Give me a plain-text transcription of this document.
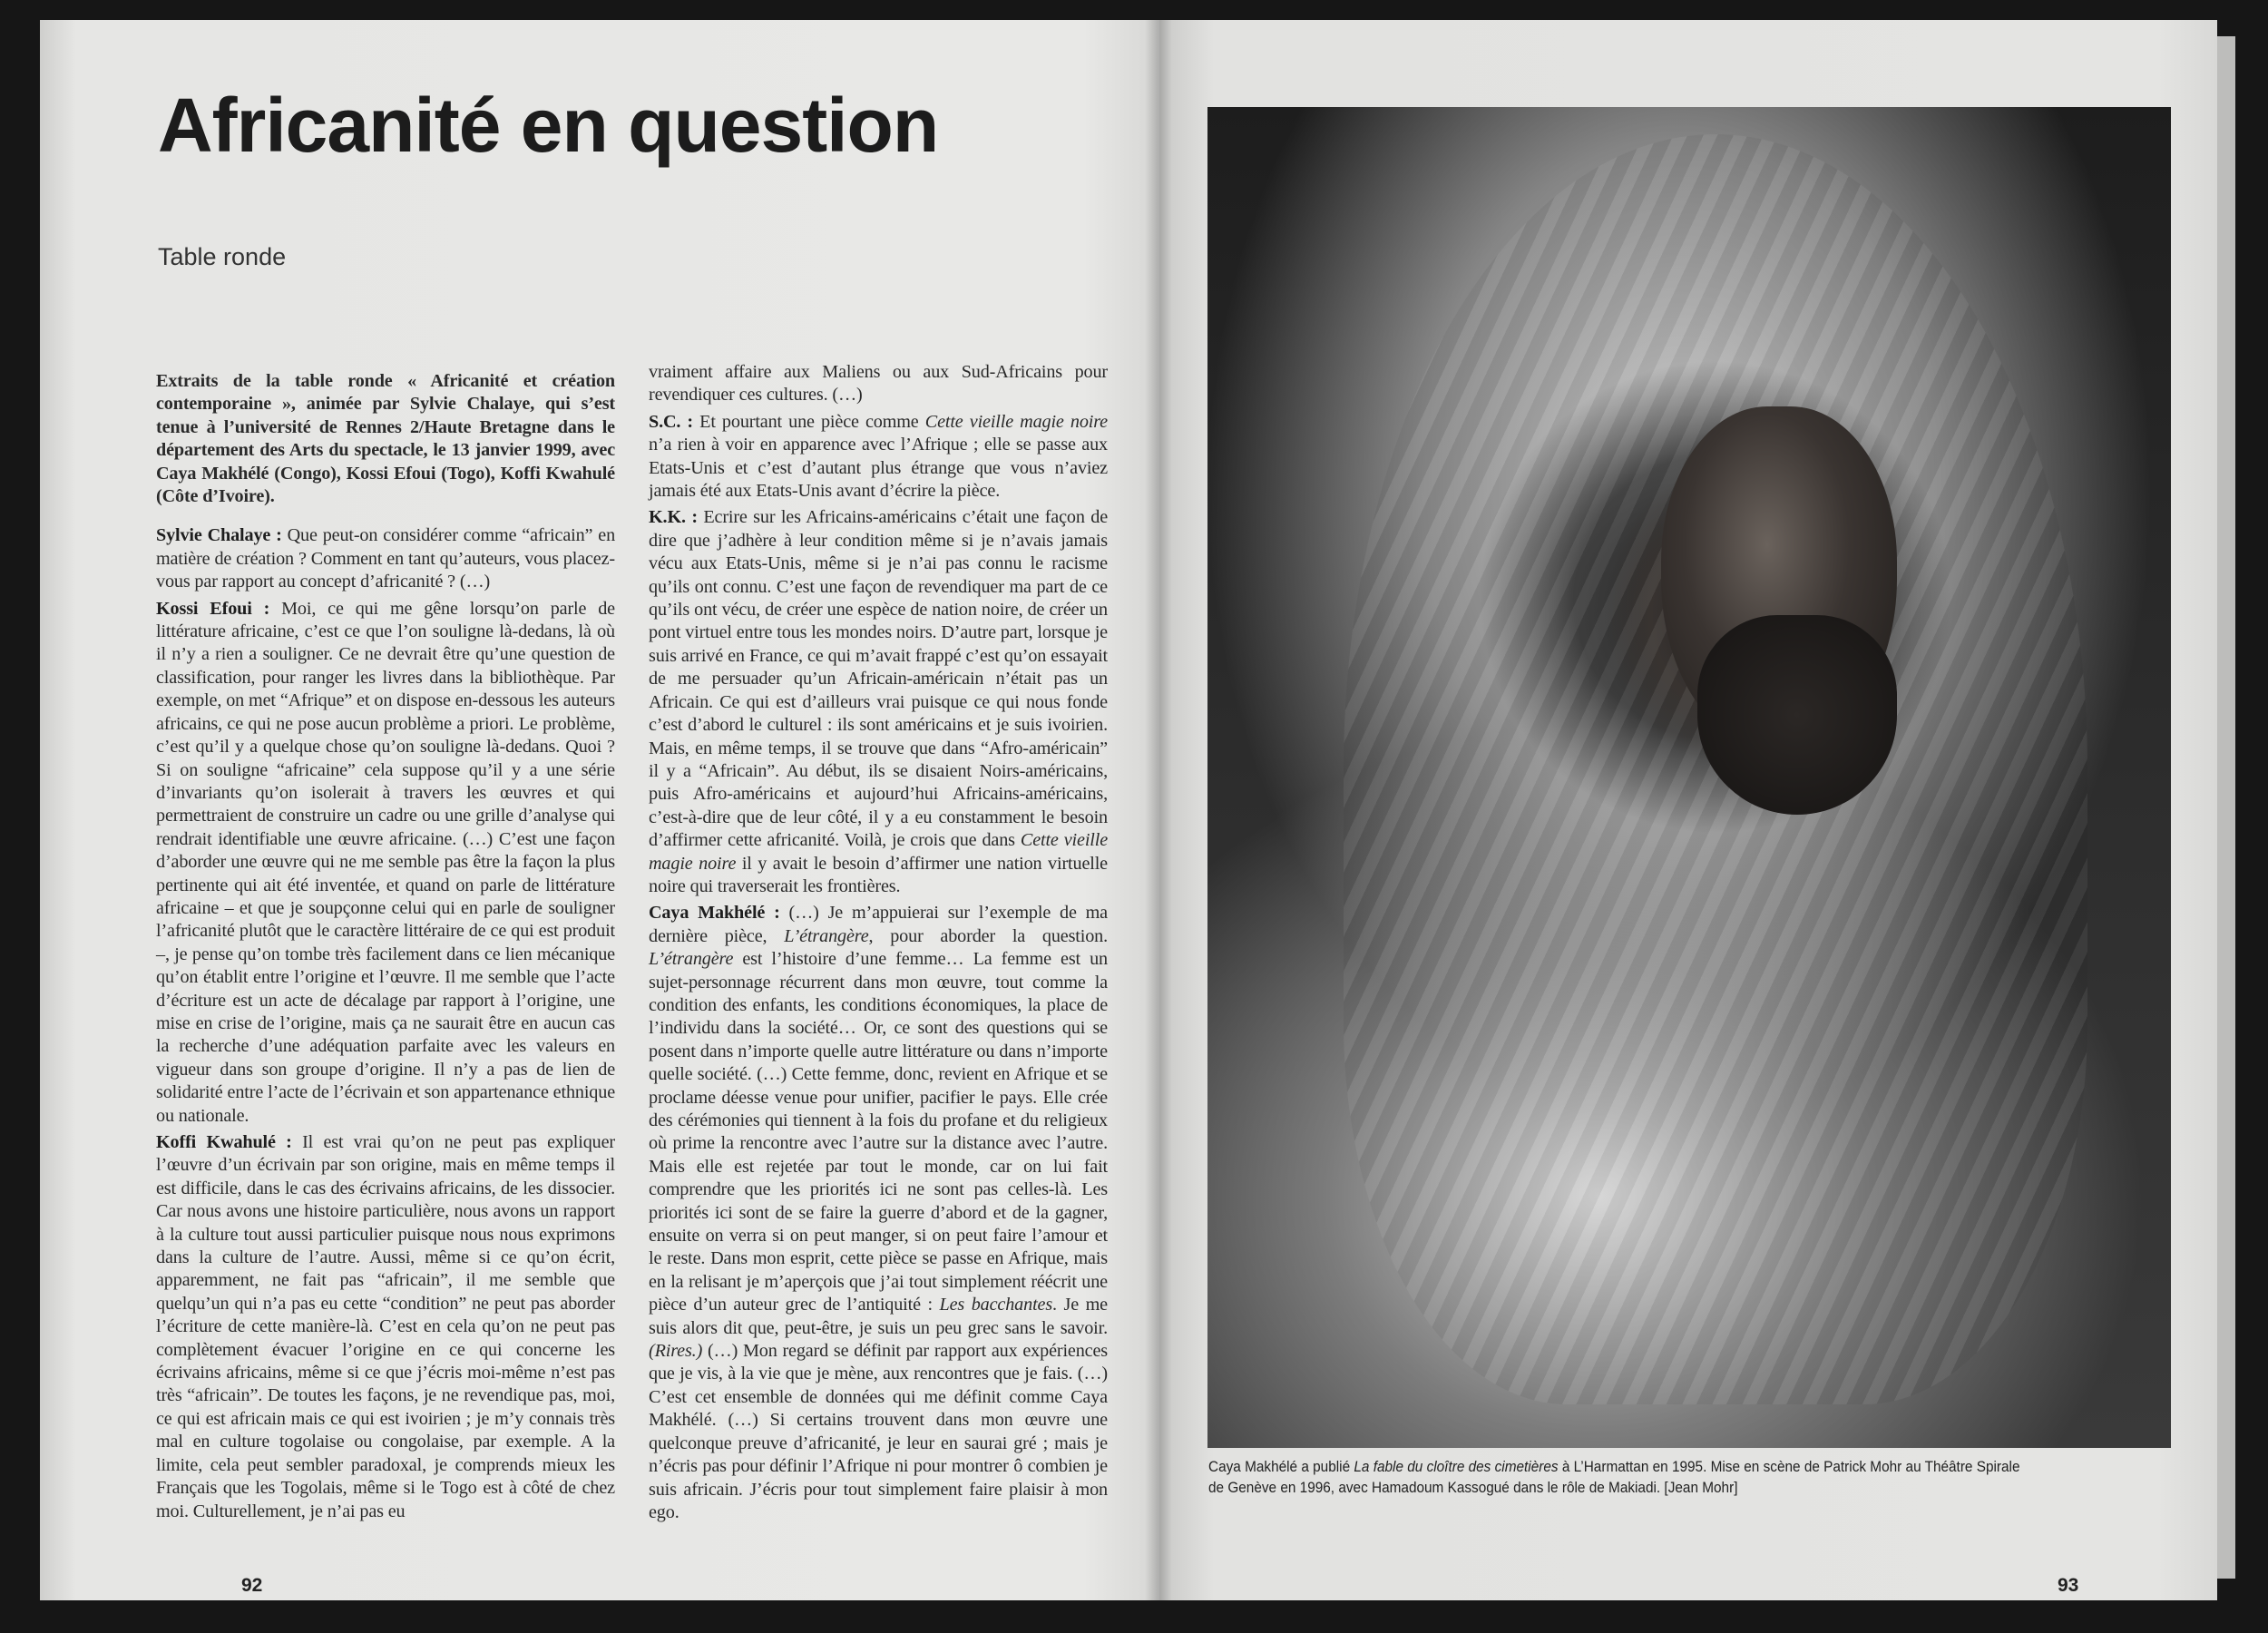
Africanité en question
Table ronde

Extraits de la table ronde « Africanité et création contemporaine », animée par Sylvie Chalaye, qui s’est tenue à l’université de Rennes 2/Haute Bretagne dans le département des Arts du spectacle, le 13 janvier 1999, avec Caya Makhélé (Congo), Kossi Efoui (Togo), Koffi Kwahulé (Côte d’Ivoire).

Sylvie Chalaye : Que peut-on considérer comme “africain” en matière de création ? Comment en tant qu’auteurs, vous placez-vous par rapport au concept d’africanité ? (…)

Kossi Efoui : Moi, ce qui me gêne lorsqu’on parle de littérature africaine, c’est ce que l’on souligne là-dedans, là où il n’y a rien a souligner. Ce ne devrait être qu’une question de classification, pour ranger les livres dans la bibliothèque. Par exemple, on met “Afrique” et on dispose en-dessous les auteurs africains, ce qui ne pose aucun problème a priori. Le problème, c’est qu’il y a quelque chose qu’on souligne là-dedans. Quoi ? Si on souligne “africaine” cela suppose qu’il y a une série d’invariants qu’on isolerait à travers les œuvres et qui permettraient de construire un cadre ou une grille d’analyse qui rendrait identifiable une œuvre africaine. (…) C’est une façon d’aborder une œuvre qui ne me semble pas être la façon la plus pertinente qui ait été inventée, et quand on parle de littérature africaine – et que je soupçonne celui qui en parle de souligner l’africanité plutôt que le caractère littéraire de ce qui est produit –, je pense qu’on tombe très facilement dans ce lien mécanique qu’on établit entre l’origine et l’œuvre. Il me semble que l’acte d’écriture est un acte de décalage par rapport à l’origine, une mise en crise de l’origine, mais ça ne saurait être en aucun cas la recherche d’une adéquation parfaite avec les valeurs en vigueur dans son groupe d’origine. Il n’y a pas de lien de solidarité entre l’acte de l’écrivain et son appartenance ethnique ou nationale.

Koffi Kwahulé : Il est vrai qu’on ne peut pas expliquer l’œuvre d’un écrivain par son origine, mais en même temps il est difficile, dans le cas des écrivains africains, de les dissocier. Car nous avons une histoire particulière, nous avons un rapport à la culture tout aussi particulier puisque nous nous exprimons dans la culture de l’autre. Aussi, même si ce qu’on écrit, apparemment, ne fait pas “africain”, il me semble que quelqu’un qui n’a pas eu cette “condition” ne peut pas aborder l’écriture de cette manière-là. C’est en cela qu’on ne peut pas complètement évacuer l’origine en ce qui concerne les écrivains africains, même si ce que j’écris moi-même n’est pas très “africain”. De toutes les façons, je ne revendique pas, moi, ce qui est africain mais ce qui est ivoirien ; je m’y connais très mal en culture togolaise ou congolaise, par exemple. A la limite, cela peut sembler paradoxal, je comprends mieux les Français que les Togolais, même si le Togo est à côté de chez moi. Culturellement, je n’ai pas eu

vraiment affaire aux Maliens ou aux Sud-Africains pour revendiquer ces cultures. (…)

S.C. : Et pourtant une pièce comme Cette vieille magie noire n’a rien à voir en apparence avec l’Afrique ; elle se passe aux Etats-Unis et c’est d’autant plus étrange que vous n’aviez jamais été aux Etats-Unis avant d’écrire la pièce.

K.K. : Ecrire sur les Africains-américains c’était une façon de dire que j’adhère à leur condition même si je n’avais jamais vécu aux Etats-Unis, même si je n’ai pas connu le racisme qu’ils ont connu. C’est une façon de revendiquer ma part de ce qu’ils ont vécu, de créer une espèce de nation noire, de créer un pont virtuel entre tous les mondes noirs. D’autre part, lorsque je suis arrivé en France, ce qui m’avait frappé c’est qu’on essayait de me persuader qu’un Africain-américain n’était pas un Africain. Ce qui est d’ailleurs vrai puisque ce qui nous fonde c’est d’abord le culturel : ils sont américains et je suis ivoirien. Mais, en même temps, il se trouve que dans “Afro-américain” il y a “Africain”. Au début, ils se disaient Noirs-américains, puis Afro-américains et aujourd’hui Africains-américains, c’est-à-dire que de leur côté, il y a eu constamment le besoin d’affirmer cette africanité. Voilà, je crois que dans Cette vieille magie noire il y avait le besoin d’affirmer une nation virtuelle noire qui traverserait les frontières.

Caya Makhélé : (…) Je m’appuierai sur l’exemple de ma dernière pièce, L’étrangère, pour aborder la question. L’étrangère est l’histoire d’une femme… La femme est un sujet-personnage récurrent dans mon œuvre, tout comme la condition des enfants, les conditions économiques, la place de l’individu dans la société… Or, ce sont des questions qui se posent dans n’importe quelle autre littérature ou dans n’importe quelle société. (…) Cette femme, donc, revient en Afrique et se proclame déesse venue pour unifier, pacifier le pays. Elle crée des cérémonies qui tiennent à la fois du profane et du religieux où prime la rencontre avec l’autre sur la distance avec l’autre. Mais elle est rejetée par tout le monde, car on lui fait comprendre que les priorités ici ne sont pas celles-là. Les priorités ici sont de se faire la guerre d’abord et de la gagner, ensuite on verra si on peut manger, si on peut faire l’amour et le reste. Dans mon esprit, cette pièce se passe en Afrique, mais en la relisant je m’aperçois que j’ai tout simplement réécrit une pièce d’un auteur grec de l’antiquité : Les bacchantes. Je me suis alors dit que, peut-être, je suis un peu grec sans le savoir. (Rires.) (…) Mon regard se définit par rapport aux expériences que je vis, à la vie que je mène, aux rencontres que je fais. (…) C’est cet ensemble de données qui me définit comme Caya Makhélé. (…) Si certains trouvent dans mon œuvre une quelconque preuve d’africanité, je leur en saurai gré ; mais je n’écris pas pour définir l’Afrique ni pour montrer ô combien je suis africain. J’écris pour tout simplement faire plaisir à mon ego.

92	93
Caya Makhélé a publié La fable du cloître des cimetières à L’Harmattan en 1995. Mise en scène de Patrick Mohr au Théâtre Spirale
de Genève en 1996, avec Hamadoum Kassogué dans le rôle de Makiadi. [Jean Mohr]
